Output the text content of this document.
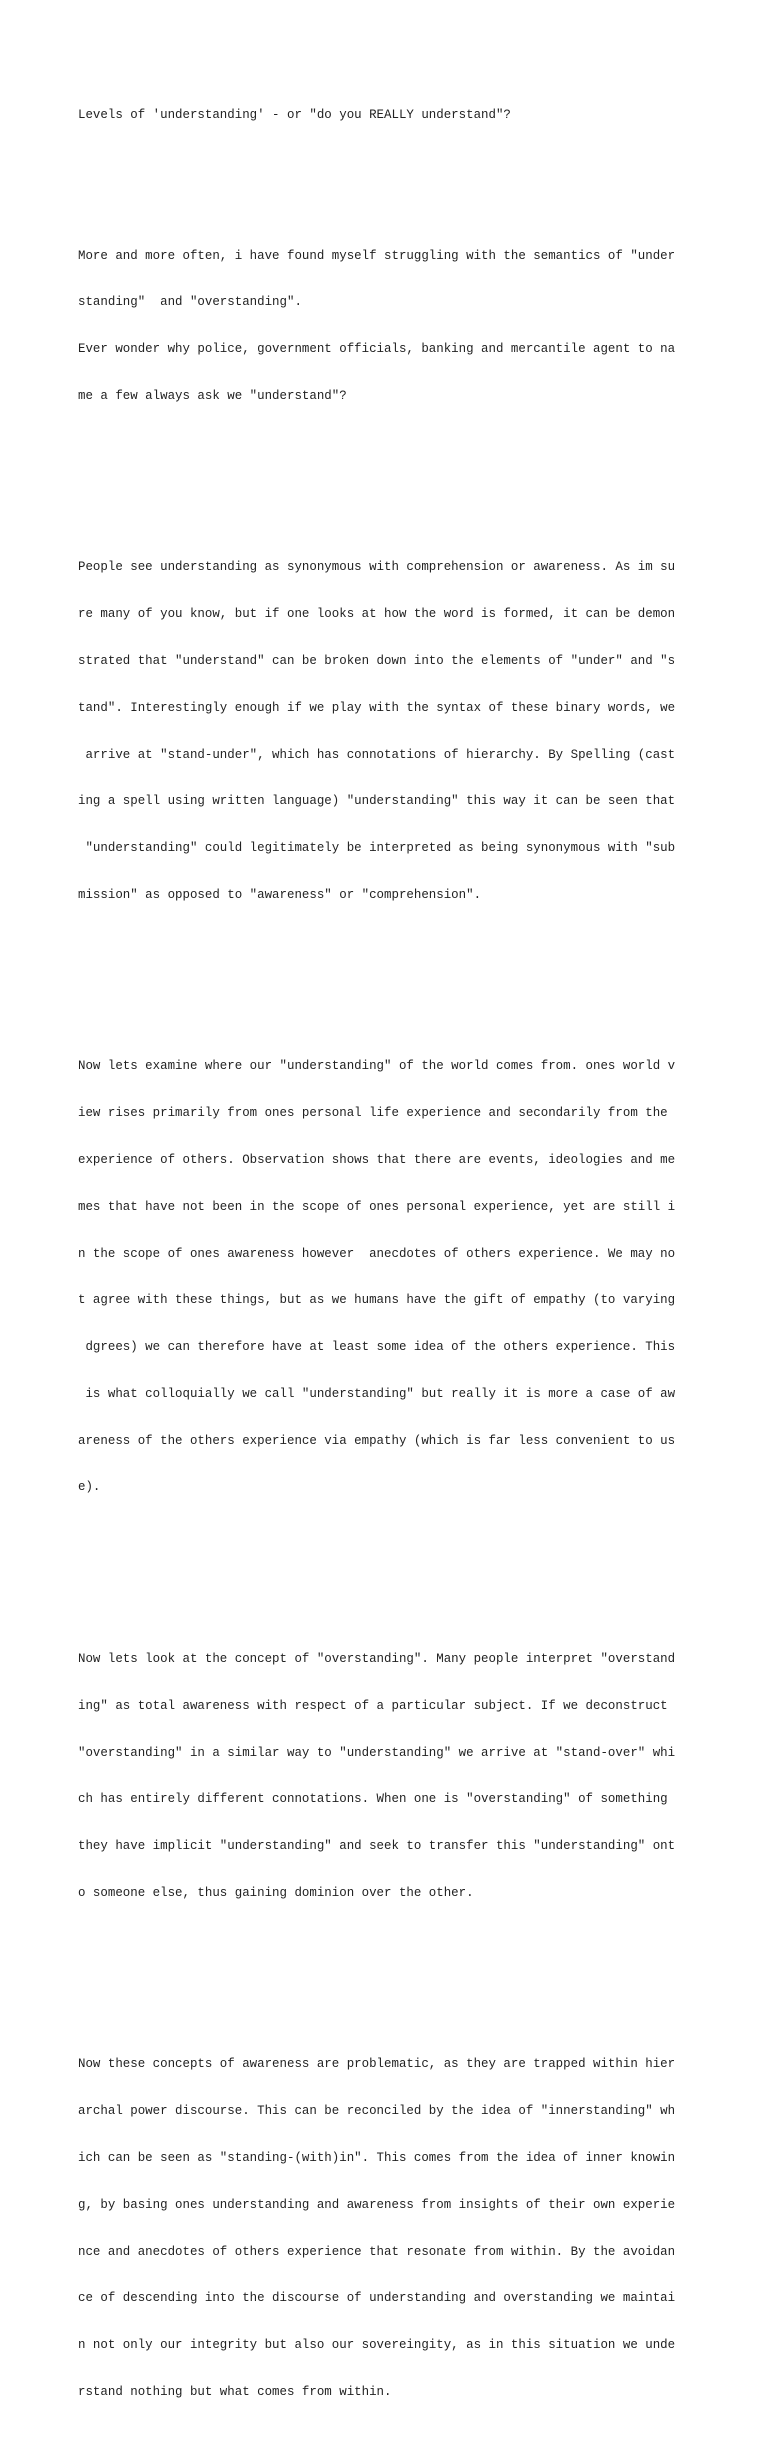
Levels of 'understanding' - or "do you REALLY understand"?

More and more often, i have found myself struggling with the semantics of "under

standing"  and "overstanding".

Ever wonder why police, government officials, banking and mercantile agent to na

me a few always ask we "understand"?

People see understanding as synonymous with comprehension or awareness. As im su

re many of you know, but if one looks at how the word is formed, it can be demon

strated that "understand" can be broken down into the elements of "under" and "s

tand". Interestingly enough if we play with the syntax of these binary words, we

arrive at "stand-under", which has connotations of hierarchy. By Spelling (cast

ing a spell using written language) "understanding" this way it can be seen that

"understanding" could legitimately be interpreted as being synonymous with "sub

mission" as opposed to "awareness" or "comprehension".

Now lets examine where our "understanding" of the world comes from. ones world v

iew rises primarily from ones personal life experience and secondarily from the

experience of others. Observation shows that there are events, ideologies and me

mes that have not been in the scope of ones personal experience, yet are still i

n the scope of ones awareness however  anecdotes of others experience. We may no

t agree with these things, but as we humans have the gift of empathy (to varying

dgrees) we can therefore have at least some idea of the others experience. This

is what colloquially we call "understanding" but really it is more a case of aw

areness of the others experience via empathy (which is far less convenient to us

e).

Now lets look at the concept of "overstanding". Many people interpret "overstand

ing" as total awareness with respect of a particular subject. If we deconstruct

"overstanding" in a similar way to "understanding" we arrive at "stand-over" whi

ch has entirely different connotations. When one is "overstanding" of something

they have implicit "understanding" and seek to transfer this "understanding" ont

o someone else, thus gaining dominion over the other.

Now these concepts of awareness are problematic, as they are trapped within hier

archal power discourse. This can be reconciled by the idea of "innerstanding" wh

ich can be seen as "standing-(with)in". This comes from the idea of inner knowin

g, by basing ones understanding and awareness from insights of their own experie

nce and anecdotes of others experience that resonate from within. By the avoidan

ce of descending into the discourse of understanding and overstanding we maintai

n not only our integrity but also our sovereingity, as in this situation we unde

rstand nothing but what comes from within.
